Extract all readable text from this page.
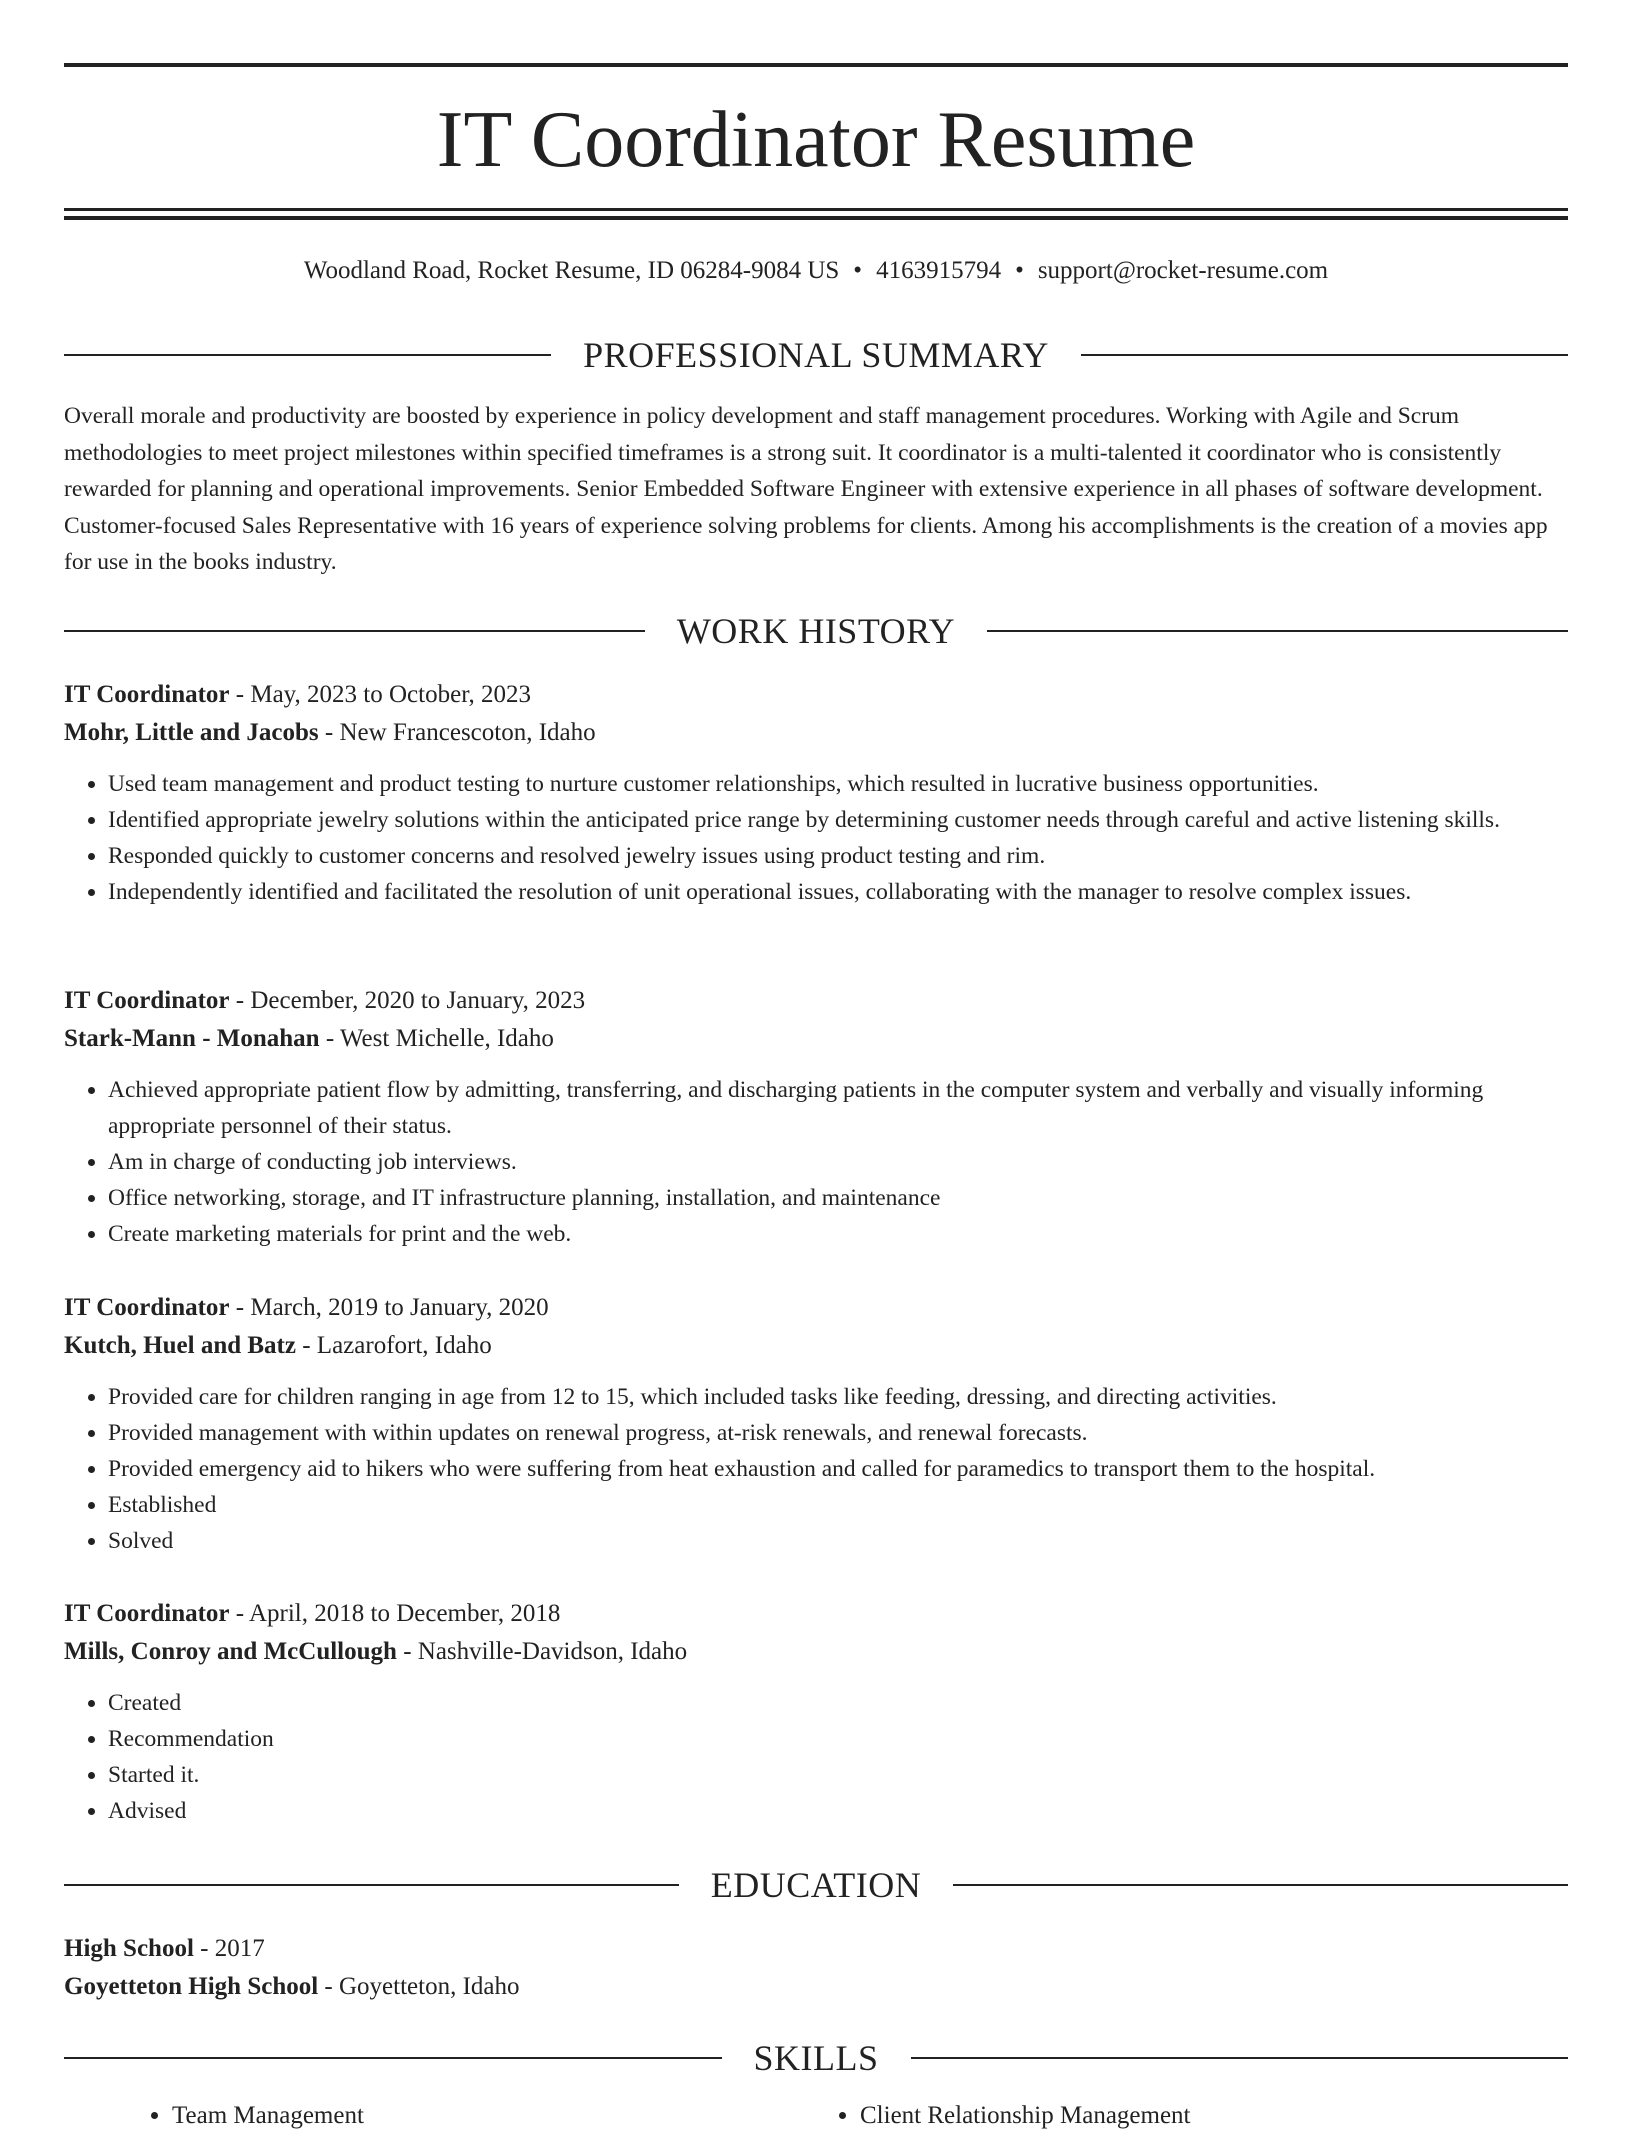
IT Coordinator Resume
Woodland Road, Rocket Resume, ID 06284-9084 US • 4163915794 • support@rocket-resume.com
PROFESSIONAL SUMMARY

Overall morale and productivity are boosted by experience in policy development and staff management procedures. Working with Agile and Scrum methodologies to meet project milestones within specified timeframes is a strong suit. It coordinator is a multi-talented it coordinator who is consistently rewarded for planning and operational improvements. Senior Embedded Software Engineer with extensive experience in all phases of software development. Customer-focused Sales Representative with 16 years of experience solving problems for clients. Among his accomplishments is the creation of a movies app for use in the books industry.

WORK HISTORY
IT Coordinator - May, 2023 to October, 2023
Mohr, Little and Jacobs - New Francescoton, Idaho
• Used team management and product testing to nurture customer relationships, which resulted in lucrative business opportunities.
• Identified appropriate jewelry solutions within the anticipated price range by determining customer needs through careful and active listening skills.
• Responded quickly to customer concerns and resolved jewelry issues using product testing and rim.
• Independently identified and facilitated the resolution of unit operational issues, collaborating with the manager to resolve complex issues.
IT Coordinator - December, 2020 to January, 2023
Stark-Mann - Monahan - West Michelle, Idaho
• Achieved appropriate patient flow by admitting, transferring, and discharging patients in the computer system and verbally and visually informing appropriate personnel of their status.
• Am in charge of conducting job interviews.
• Office networking, storage, and IT infrastructure planning, installation, and maintenance
• Create marketing materials for print and the web.
IT Coordinator - March, 2019 to January, 2020
Kutch, Huel and Batz - Lazarofort, Idaho
• Provided care for children ranging in age from 12 to 15, which included tasks like feeding, dressing, and directing activities.
• Provided management with within updates on renewal progress, at-risk renewals, and renewal forecasts.
• Provided emergency aid to hikers who were suffering from heat exhaustion and called for paramedics to transport them to the hospital.
• Established
• Solved
IT Coordinator - April, 2018 to December, 2018
Mills, Conroy and McCullough - Nashville-Davidson, Idaho
• Created
• Recommendation
• Started it.
• Advised
EDUCATION
High School - 2017
Goyetteton High School - Goyetteton, Idaho
SKILLS
• Team Management
•	Client Relationship Management
